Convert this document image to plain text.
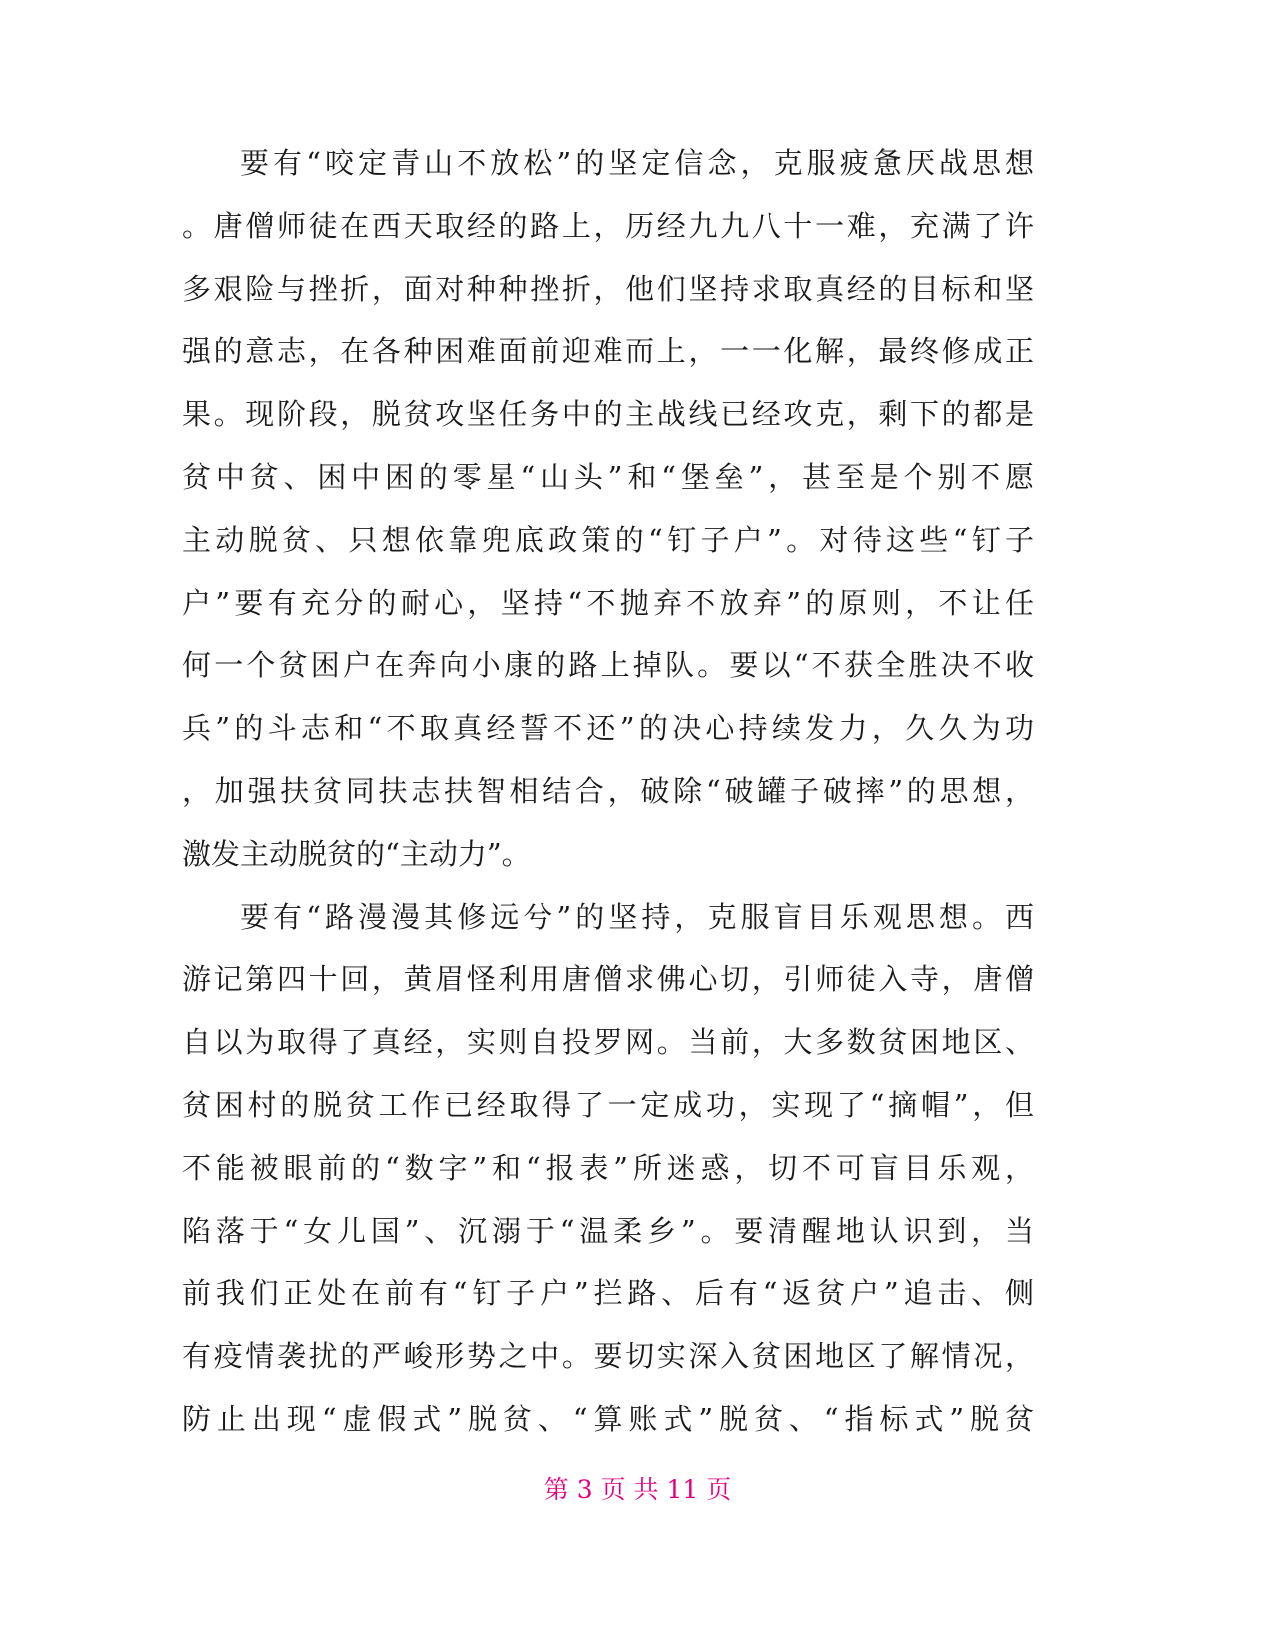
要有“咬定青山不放松”的坚定信念，克服疲惫厌战思想
。唐僧师徒在西天取经的路上，历经九九八十一难，充满了许
多艰险与挫折，面对种种挫折，他们坚持求取真经的目标和坚
强的意志，在各种困难面前迎难而上，一一化解，最终修成正
果。现阶段，脱贫攻坚任务中的主战线已经攻克，剩下的都是
贫中贫、困中困的零星“山头”和“堡垒”，甚至是个别不愿
主动脱贫、只想依靠兜底政策的“钉子户”。对待这些“钉子
户”要有充分的耐心，坚持“不抛弃不放弃”的原则，不让任
何一个贫困户在奔向小康的路上掉队。要以“不获全胜决不收
兵”的斗志和“不取真经誓不还”的决心持续发力，久久为功
，加强扶贫同扶志扶智相结合，破除“破罐子破摔”的思想，
激发主动脱贫的“主动力”。
要有“路漫漫其修远兮”的坚持，克服盲目乐观思想。西
游记第四十回，黄眉怪利用唐僧求佛心切，引师徒入寺，唐僧
自以为取得了真经，实则自投罗网。当前，大多数贫困地区、
贫困村的脱贫工作已经取得了一定成功，实现了“摘帽”，但
不能被眼前的“数字”和“报表”所迷惑，切不可盲目乐观，
陷落于“女儿国”、沉溺于“温柔乡”。要清醒地认识到，当
前我们正处在前有“钉子户”拦路、后有“返贫户”追击、侧
有疫情袭扰的严峻形势之中。要切实深入贫困地区了解情况，
防止出现“虚假式”脱贫、“算账式”脱贫、“指标式”脱贫
第 3 页 共 11 页
